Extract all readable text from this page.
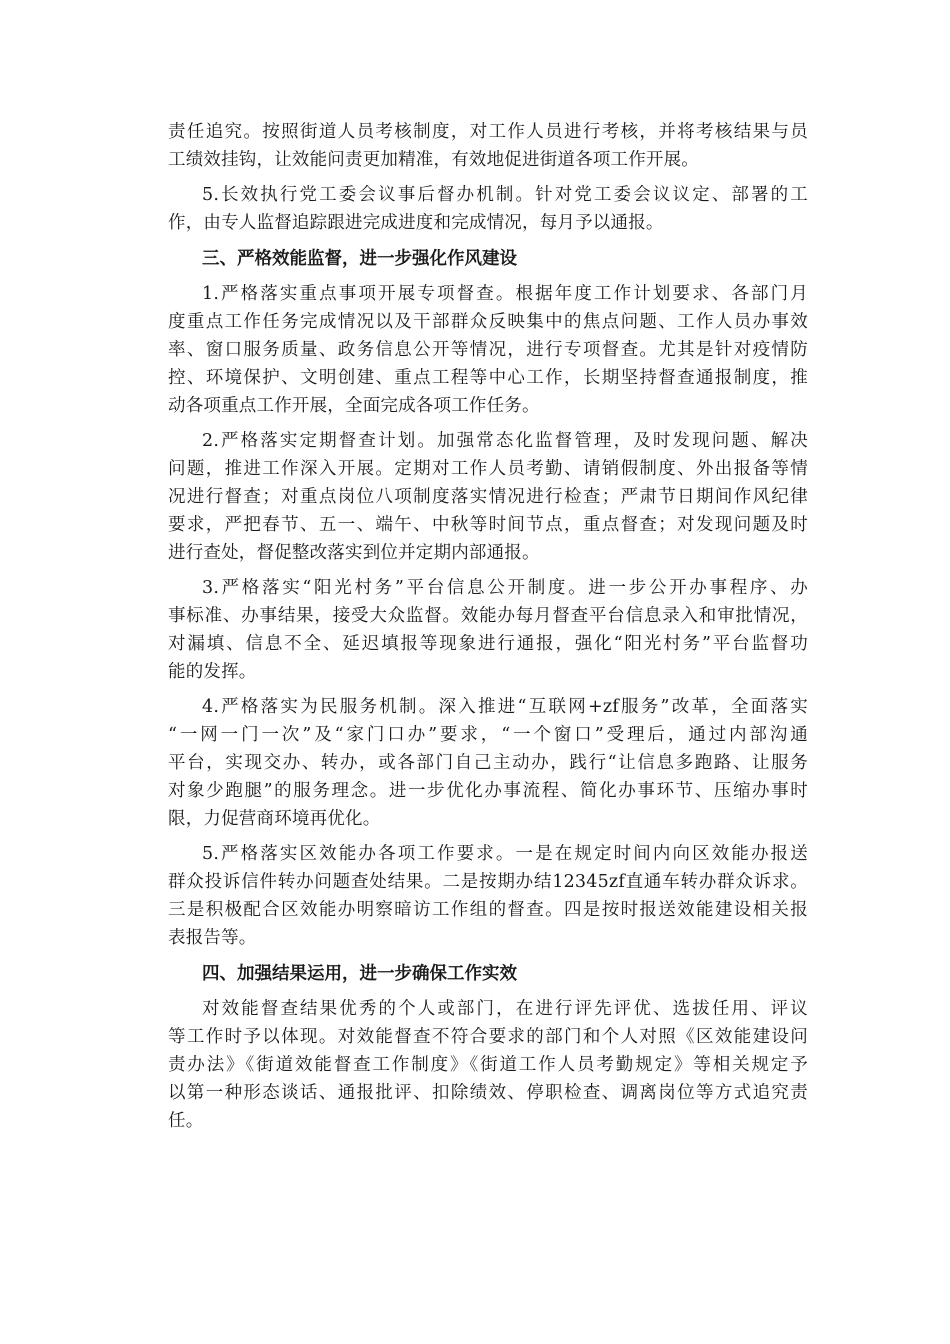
责任追究。按照街道人员考核制度，对工作人员进行考核，并将考核结果与员
工绩效挂钩，让效能问责更加精准，有效地促进街道各项工作开展。
5.长效执行党工委会议事后督办机制。针对党工委会议议定、部署的工
作，由专人监督追踪跟进完成进度和完成情况，每月予以通报。
三、严格效能监督，进一步强化作风建设
1.严格落实重点事项开展专项督查。根据年度工作计划要求、各部门月
度重点工作任务完成情况以及干部群众反映集中的焦点问题、工作人员办事效
率、窗口服务质量、政务信息公开等情况，进行专项督查。尤其是针对疫情防
控、环境保护、文明创建、重点工程等中心工作，长期坚持督查通报制度，推
动各项重点工作开展，全面完成各项工作任务。
2.严格落实定期督查计划。加强常态化监督管理，及时发现问题、解决
问题，推进工作深入开展。定期对工作人员考勤、请销假制度、外出报备等情
况进行督查；对重点岗位八项制度落实情况进行检查；严肃节日期间作风纪律
要求，严把春节、五一、端午、中秋等时间节点，重点督查；对发现问题及时
进行查处，督促整改落实到位并定期内部通报。
3.严格落实“阳光村务”平台信息公开制度。进一步公开办事程序、办
事标准、办事结果，接受大众监督。效能办每月督查平台信息录入和审批情况，
对漏填、信息不全、延迟填报等现象进行通报，强化“阳光村务”平台监督功
能的发挥。
4.严格落实为民服务机制。深入推进“互联网+zf服务”改革，全面落实
“一网一门一次”及“家门口办”要求，“一个窗口”受理后，通过内部沟通
平台，实现交办、转办，或各部门自己主动办，践行“让信息多跑路、让服务
对象少跑腿”的服务理念。进一步优化办事流程、简化办事环节、压缩办事时
限，力促营商环境再优化。
5.严格落实区效能办各项工作要求。一是在规定时间内向区效能办报送
群众投诉信件转办问题查处结果。二是按期办结12345zf直通车转办群众诉求。
三是积极配合区效能办明察暗访工作组的督查。四是按时报送效能建设相关报
表报告等。
四、加强结果运用，进一步确保工作实效
对效能督查结果优秀的个人或部门，在进行评先评优、选拔任用、评议
等工作时予以体现。对效能督查不符合要求的部门和个人对照《区效能建设问
责办法》《街道效能督查工作制度》《街道工作人员考勤规定》等相关规定予
以第一种形态谈话、通报批评、扣除绩效、停职检查、调离岗位等方式追究责
任。
